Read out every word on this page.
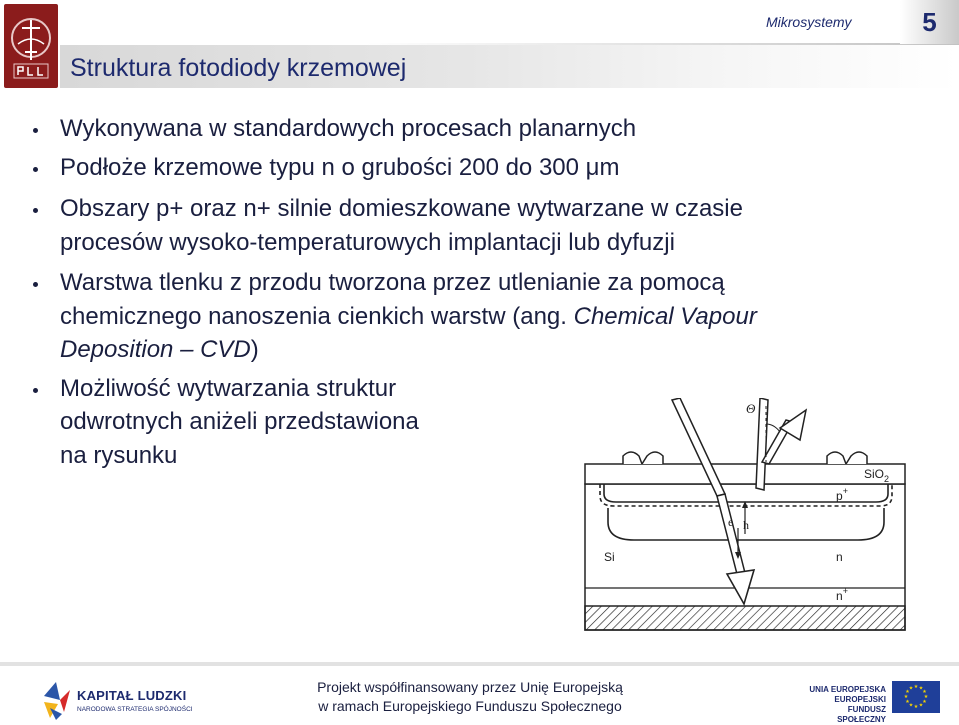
Struktura fotodiody krzemowej
Mikrosystemy	5
Wykonywana w standardowych procesach planarnych
Podłoże krzemowe typu n o grubości 200 do 300 μm
Obszary p+ oraz n+ silnie domieszkowane wytwarzane w czasie
procesów wysoko-temperaturowych implantacji lub dyfuzji
Warstwa tlenku z przodu tworzona przez utlenianie za pomocą
chemicznego nanoszenia cienkich warstw (ang. Chemical Vapour
Deposition – CVD)
Możliwość wytwarzania struktur
odwrotnych aniżeli przedstawiona
na rysunku
Θ
e h
SiO$_2$
p+
Si	n
n+
KAPITAŁ LUDZKI
NARODOWA STRATEGIA SPÓJNOŚCI
Projekt współfinansowany przez Unię Europejską
w ramach Europejskiego Funduszu Społecznego
UNIA EUROPEJSKA
EUROPEJSKI
FUNDUSZ SPOŁECZNY
★ ★
★
★
★
★
★
★
★
★
★
★
